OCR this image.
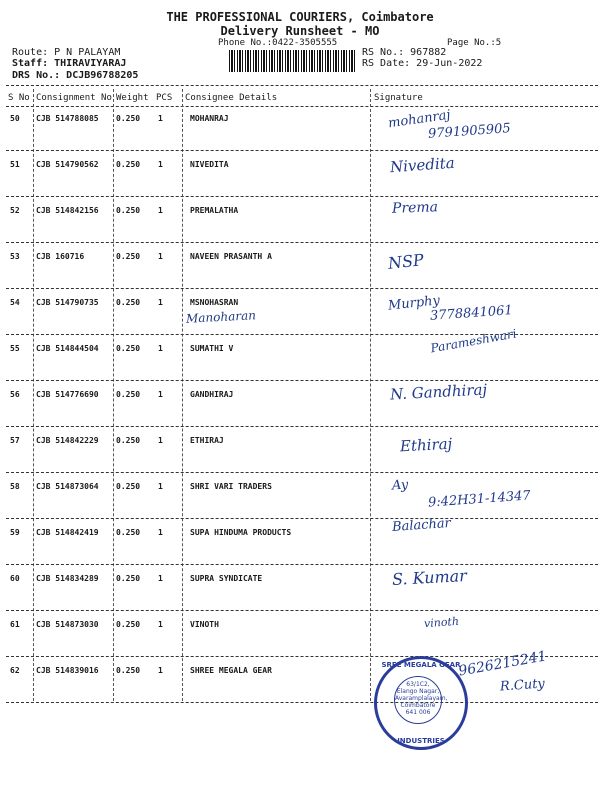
THE PROFESSIONAL COURIERS, Coimbatore
Delivery Runsheet - MO
Phone No.:0422-3505555	Page No.:5
Route: P N PALAYAM
Staff: THIRAVIYARAJ
DRS No.: DCJB96788205
RS No.: 967882
RS Date: 29-Jun-2022
S No Consignment No Weight PCS Consignee Details	Signature
50 CJB 514788085 0.250 1	MOHANRAJ	mohanraj
9791905905
51 CJB 514790562 0.250 1	NIVEDITA	Nivedita
52 CJB 514842156 0.250 1	PREMALATHA	Prema
53 CJB 160716	0.250 1	NAVEEN PRASANTH A	NSP
54 CJB 514790735 0.250 1	MSNOHASRAN	Murphy
3778841061
Manoharan
55 CJB 514844504 0.250 1	SUMATHI V	Parameshwari
56 CJB 514776690 0.250 1	GANDHIRAJ	N. Gandhiraj
57 CJB 514842229 0.250 1	ETHIRAJ	Ethiraj
58 CJB 514873064 0.250 1	SHRI VARI TRADERS	Ay
9:42H31-14347
59 CJB 514842419 0.250 1	SUPA HINDUMA PRODUCTS	Balachar
60 CJB 514834289 0.250 1	SUPRA SYNDICATE	S. Kumar
61 CJB 514873030 0.250 1	VINOTH	vinoth
62 CJB 514839016 0.250 1	SHREE MEGALA GEAR	9626215241
R.Cuty
SREE MEGALA GEAR
63/1C2,
Elango Nagar,
Avaramplalayam,
Coimbatore
641 006
INDUSTRIES
